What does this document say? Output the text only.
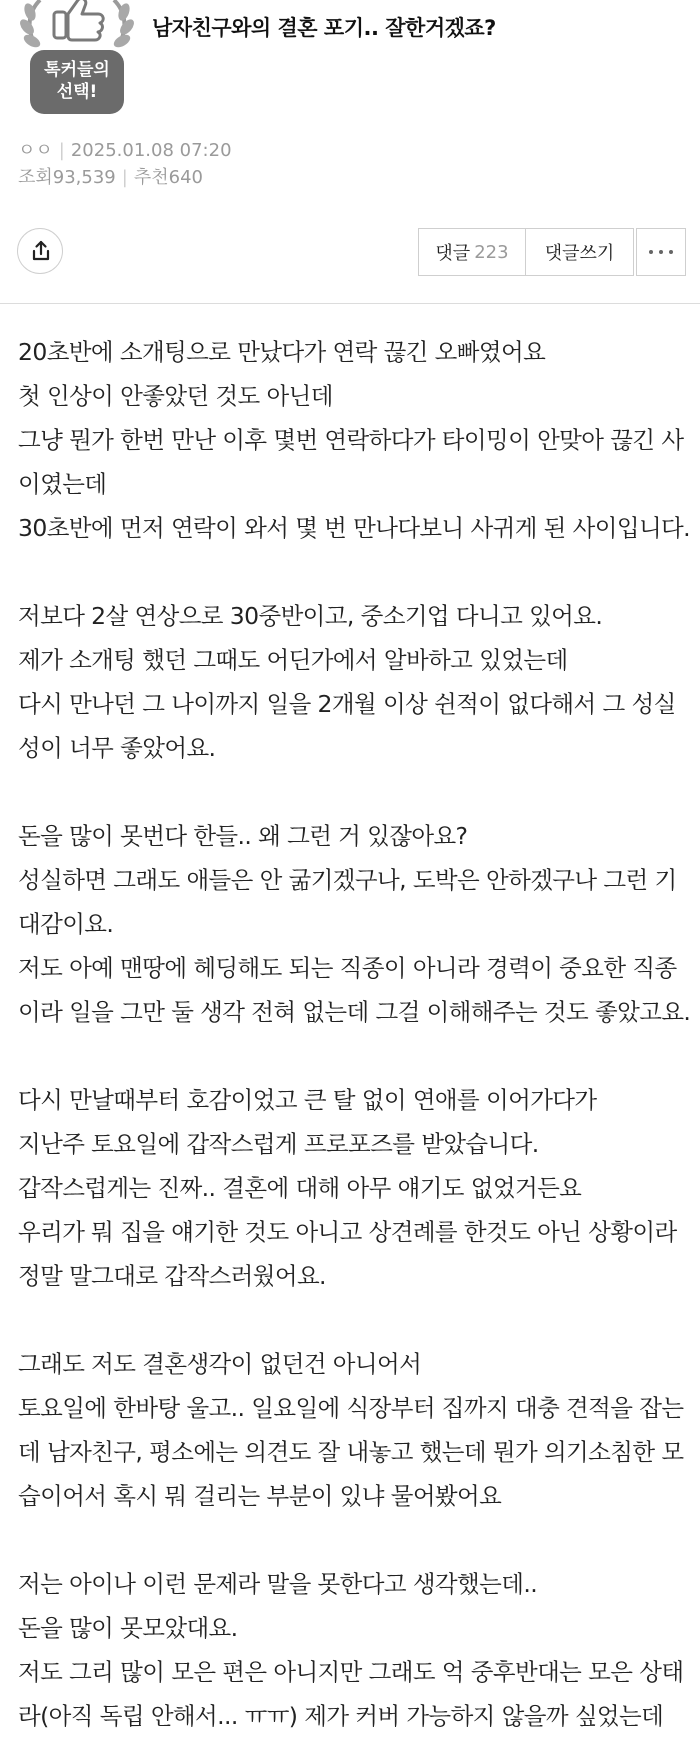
톡커들의
선택!
남자친구와의 결혼 포기.. 잘한거겠죠?
ㅇㅇ | 2025.01.08 07:20
조회93,539 | 추천640
댓글 223 댓글쓰기
20초반에 소개팅으로 만났다가 연락 끊긴 오빠였어요
첫 인상이 안좋았던 것도 아닌데
그냥 뭔가 한번 만난 이후 몇번 연락하다가 타이밍이 안맞아 끊긴 사
이였는데
30초반에 먼저 연락이 와서 몇 번 만나다보니 사귀게 된 사이입니다.
저보다 2살 연상으로 30중반이고, 중소기업 다니고 있어요.
제가 소개팅 했던 그때도 어딘가에서 알바하고 있었는데
다시 만나던 그 나이까지 일을 2개월 이상 쉰적이 없다해서 그 성실
성이 너무 좋았어요.
돈을 많이 못번다 한들.. 왜 그런 거 있잖아요?
성실하면 그래도 애들은 안 굶기겠구나, 도박은 안하겠구나 그런 기
대감이요.
저도 아예 맨땅에 헤딩해도 되는 직종이 아니라 경력이 중요한 직종
이라 일을 그만 둘 생각 전혀 없는데 그걸 이해해주는 것도 좋았고요.
다시 만날때부터 호감이었고 큰 탈 없이 연애를 이어가다가
지난주 토요일에 갑작스럽게 프로포즈를 받았습니다.
갑작스럽게는 진짜.. 결혼에 대해 아무 얘기도 없었거든요
우리가 뭐 집을 얘기한 것도 아니고 상견례를 한것도 아닌 상황이라
정말 말그대로 갑작스러웠어요.
그래도 저도 결혼생각이 없던건 아니어서
토요일에 한바탕 울고.. 일요일에 식장부터 집까지 대충 견적을 잡는
데 남자친구, 평소에는 의견도 잘 내놓고 했는데 뭔가 의기소침한 모
습이어서 혹시 뭐 걸리는 부분이 있냐 물어봤어요
저는 아이나 이런 문제라 말을 못한다고 생각했는데..
돈을 많이 못모았대요.
저도 그리 많이 모은 편은 아니지만 그래도 억 중후반대는 모은 상태
라(아직 독립 안해서... ㅠㅠ) 제가 커버 가능하지 않을까 싶었는데
